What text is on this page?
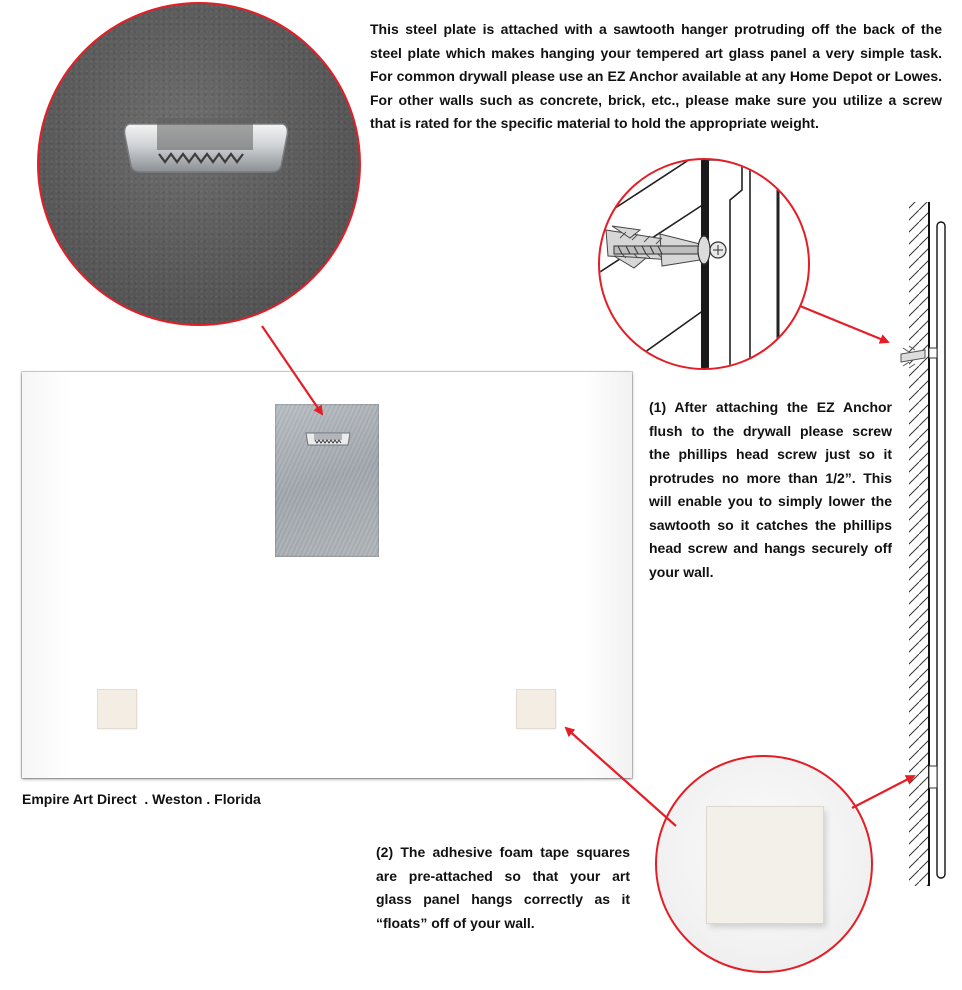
This steel plate is attached with a sawtooth hanger protruding off the back of the steel plate which makes hanging your tempered art glass panel a very simple task. For common drywall please use an EZ Anchor available at any Home Depot or Lowes. For other walls such as concrete, brick, etc., please make sure you utilize a screw that is rated for the specific material to hold the appropriate weight.
Empire Art Direct  . Weston . Florida
(1) After attaching the EZ Anchor flush to the drywall please screw the phillips head screw just so it protrudes no more than 1/2”. This will enable you to simply lower the sawtooth so it catches the phillips head screw and hangs securely off your wall.
(2) The adhesive foam tape squares are pre-attached so that your art glass panel hangs correctly as it “floats” off of your wall.
